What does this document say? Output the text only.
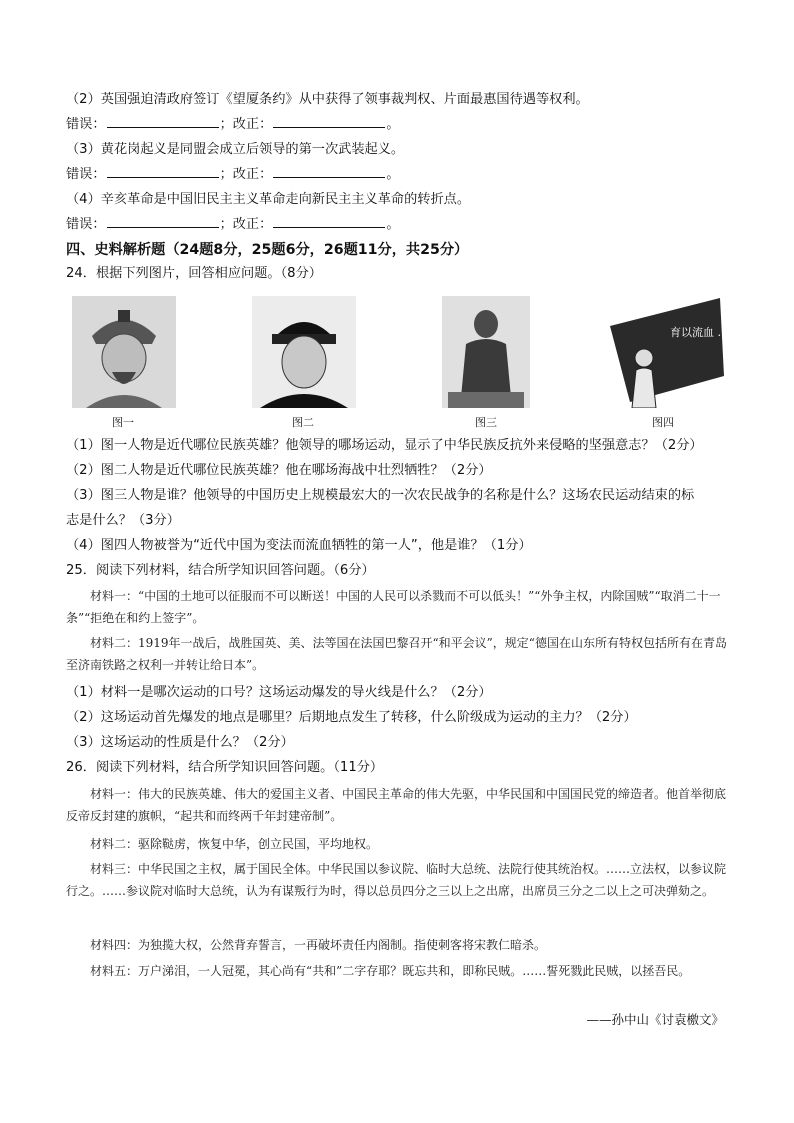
（2）英国强迫清政府签订《望厦条约》从中获得了领事裁判权、片面最惠国待遇等权利。
错误：	；改正：	。
（3）黄花岗起义是同盟会成立后领导的第一次武装起义。
错误：	；改正：	。
（4）辛亥革命是中国旧民主主义革命走向新民主主义革命的转折点。
错误：	；改正：	。
四、史料解析题（24题8分，25题6分，26题11分，共25分）
24．根据下列图片，回答相应问题。（8分）
育以流血 …
图一	图二	图三	图四
（1）图一人物是近代哪位民族英雄？他领导的哪场运动，显示了中华民族反抗外来侵略的坚强意志？（2分）
（2）图二人物是近代哪位民族英雄？他在哪场海战中壮烈牺牲？（2分）
（3）图三人物是谁？他领导的中国历史上规模最宏大的一次农民战争的名称是什么？这场农民运动结束的标
志是什么？（3分）
（4）图四人物被誉为“近代中国为变法而流血牺牲的第一人”，他是谁？（1分）
25．阅读下列材料，结合所学知识回答问题。（6分）
材料一：“中国的土地可以征服而不可以断送！中国的人民可以杀戮而不可以低头！”“外争主权，内除国贼”“取消二十一条”“拒绝在和约上签字”。
材料二：1919年一战后，战胜国英、美、法等国在法国巴黎召开“和平会议”，规定“德国在山东所有特权包括所有在青岛至济南铁路之权利一并转让给日本”。
（1）材料一是哪次运动的口号？这场运动爆发的导火线是什么？（2分）
（2）这场运动首先爆发的地点是哪里？后期地点发生了转移，什么阶级成为运动的主力？（2分）
（3）这场运动的性质是什么？（2分）
26．阅读下列材料，结合所学知识回答问题。（11分）
材料一：伟大的民族英雄、伟大的爱国主义者、中国民主革命的伟大先驱，中华民国和中国国民党的缔造者。他首举彻底反帝反封建的旗帜，“起共和而终两千年封建帝制”。
材料二：驱除鞑虏，恢复中华，创立民国，平均地权。
材料三：中华民国之主权，属于国民全体。中华民国以参议院、临时大总统、法院行使其统治权。……立法权，以参议院行之。……参议院对临时大总统，认为有谋叛行为时，得以总员四分之三以上之出席，出席员三分之二以上之可决弹劾之。
材料四：为独揽大权，公然背弃誓言，一再破坏责任内阁制。指使刺客将宋教仁暗杀。
材料五：万户涕泪，一人冠冕，其心尚有“共和”二字存耶？既忘共和，即称民贼。……誓死戮此民贼，以拯吾民。
——孙中山《讨袁檄文》
